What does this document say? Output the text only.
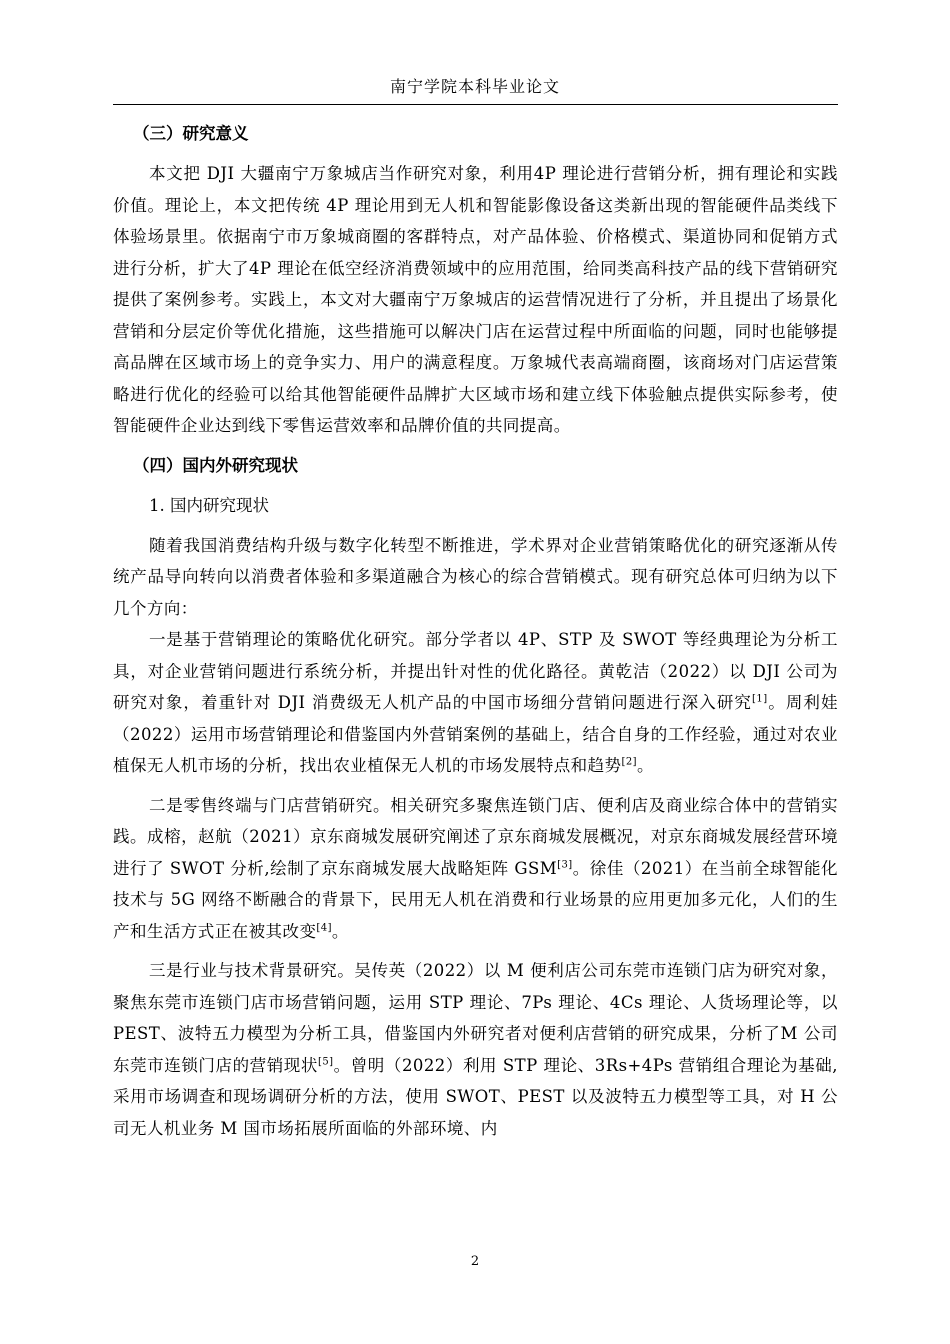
南宁学院本科毕业论文
（三）研究意义

本文把 DJI 大疆南宁万象城店当作研究对象，利用4P 理论进行营销分析，拥有理论和实践价值。理论上，本文把传统 4P 理论用到无人机和智能影像设备这类新出现的智能硬件品类线下体验场景里。依据南宁市万象城商圈的客群特点，对产品体验、价格模式、渠道协同和促销方式进行分析，扩大了4P 理论在低空经济消费领域中的应用范围，给同类高科技产品的线下营销研究提供了案例参考。实践上，本文对大疆南宁万象城店的运营情况进行了分析，并且提出了场景化营销和分层定价等优化措施，这些措施可以解决门店在运营过程中所面临的问题，同时也能够提高品牌在区域市场上的竞争实力、用户的满意程度。万象城代表高端商圈，该商场对门店运营策略进行优化的经验可以给其他智能硬件品牌扩大区域市场和建立线下体验触点提供实际参考，使智能硬件企业达到线下零售运营效率和品牌价值的共同提高。

（四）国内外研究现状
1. 国内研究现状

随着我国消费结构升级与数字化转型不断推进，学术界对企业营销策略优化的研究逐渐从传统产品导向转向以消费者体验和多渠道融合为核心的综合营销模式。现有研究总体可归纳为以下几个方向：

一是基于营销理论的策略优化研究。部分学者以 4P、STP 及 SWOT 等经典理论为分析工具，对企业营销问题进行系统分析，并提出针对性的优化路径。黄乾洁（2022）以 DJI 公司为研究对象，着重针对 DJI 消费级无人机产品的中国市场细分营销问题进行深入研究[1]。周利娃（2022）运用市场营销理论和借鉴国内外营销案例的基础上，结合自身的工作经验，通过对农业植保无人机市场的分析，找出农业植保无人机的市场发展特点和趋势[2]。

二是零售终端与门店营销研究。相关研究多聚焦连锁门店、便利店及商业综合体中的营销实践。成榕，赵航（2021）京东商城发展研究阐述了京东商城发展概况，对京东商城发展经营环境进行了 SWOT 分析,绘制了京东商城发展大战略矩阵 GSM[3]。徐佳（2021）在当前全球智能化技术与 5G 网络不断融合的背景下，民用无人机在消费和行业场景的应用更加多元化，人们的生产和生活方式正在被其改变[4]。

三是行业与技术背景研究。吴传英（2022）以 M 便利店公司东莞市连锁门店为研究对象，聚焦东莞市连锁门店市场营销问题，运用 STP 理论、7Ps 理论、4Cs 理论、人货场理论等，以 PEST、波特五力模型为分析工具，借鉴国内外研究者对便利店营销的研究成果，分析了M 公司东莞市连锁门店的营销现状[5]。曾明（2022）利用 STP 理论、3Rs+4Ps 营销组合理论为基础,采用市场调查和现场调研分析的方法，使用 SWOT、PEST 以及波特五力模型等工具，对 H 公司无人机业务 M 国市场拓展所面临的外部环境、内

2
